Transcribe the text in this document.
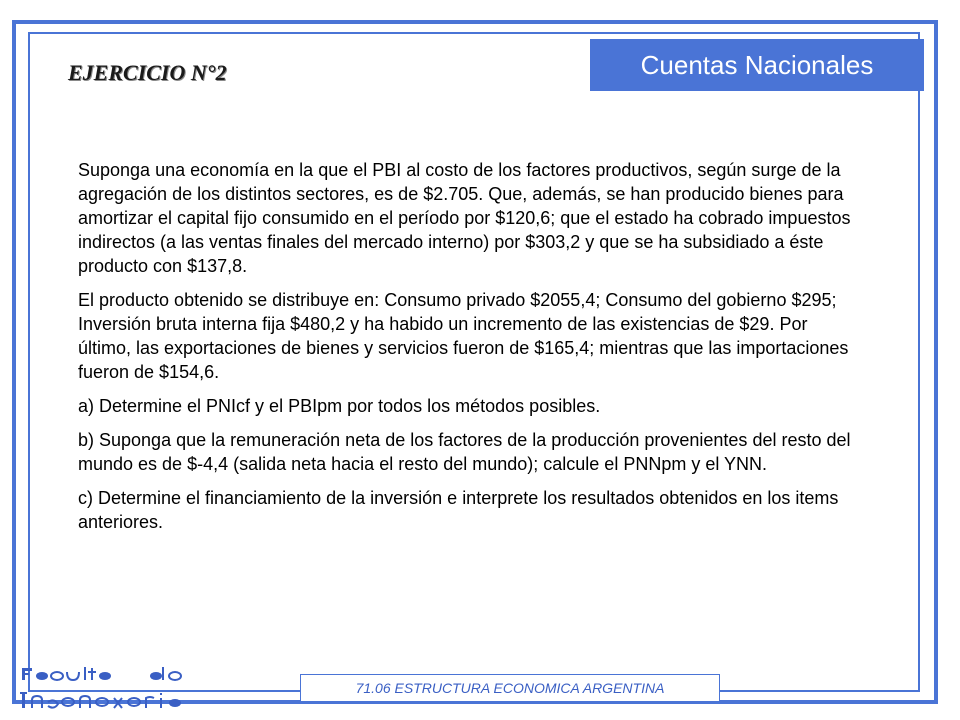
Cuentas Nacionales
EJERCICIO N°2

Suponga una economía en la que el PBI al costo de los factores productivos, según surge de la agregación de los distintos sectores, es de $2.705. Que, además, se han producido bienes para amortizar el capital fijo consumido en el período por $120,6; que el estado ha cobrado impuestos indirectos (a las ventas finales del mercado interno) por $303,2 y que se ha subsidiado a éste producto con $137,8.

El producto obtenido se distribuye en: Consumo privado $2055,4; Consumo del gobierno $295; Inversión bruta interna fija $480,2 y ha habido un incremento de las existencias de $29. Por último, las exportaciones de bienes y servicios fueron de $165,4; mientras que las importaciones fueron de $154,6.

a) Determine el PNIcf y el PBIpm por todos los métodos posibles.

b) Suponga que la remuneración neta de los factores de la producción provenientes del resto del mundo es de $-4,4 (salida neta hacia el resto del mundo); calcule el PNNpm y el YNN.

c) Determine el financiamiento de la inversión e interprete los resultados obtenidos en los items anteriores.

71.06 ESTRUCTURA ECONOMICA ARGENTINA
